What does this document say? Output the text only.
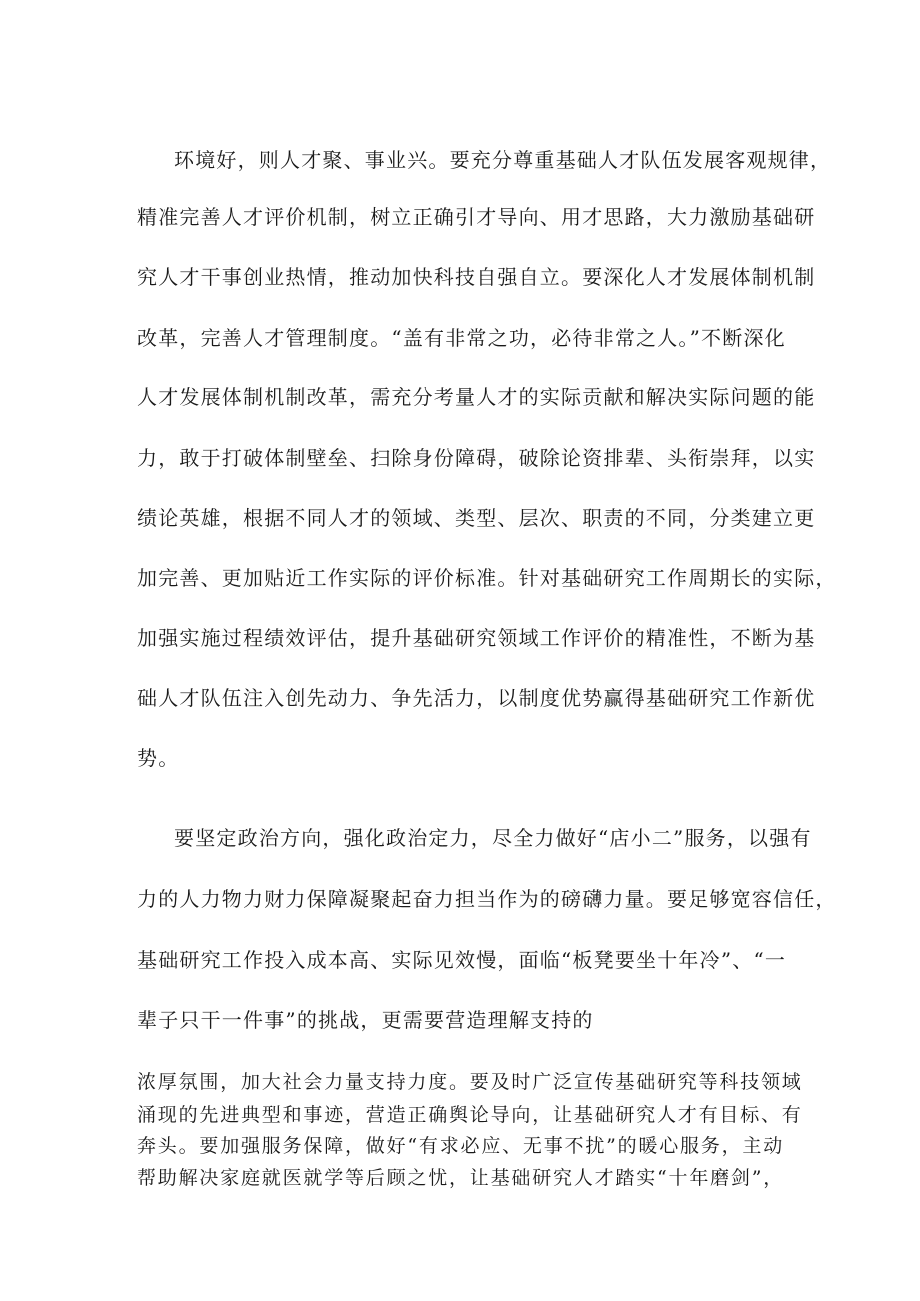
环境好，则人才聚、事业兴。要充分尊重基础人才队伍发展客观规律，
精准完善人才评价机制，树立正确引才导向、用才思路，大力激励基础研
究人才干事创业热情，推动加快科技自强自立。要深化人才发展体制机制
改革，完善人才管理制度。“盖有非常之功，必待非常之人。”不断深化
人才发展体制机制改革，需充分考量人才的实际贡献和解决实际问题的能
力，敢于打破体制壁垒、扫除身份障碍，破除论资排辈、头衔崇拜，以实
绩论英雄，根据不同人才的领域、类型、层次、职责的不同，分类建立更
加完善、更加贴近工作实际的评价标准。针对基础研究工作周期长的实际，
加强实施过程绩效评估，提升基础研究领域工作评价的精准性，不断为基
础人才队伍注入创先动力、争先活力，以制度优势赢得基础研究工作新优
势。
要坚定政治方向，强化政治定力，尽全力做好“店小二”服务，以强有
力的人力物力财力保障凝聚起奋力担当作为的磅礴力量。要足够宽容信任，
基础研究工作投入成本高、实际见效慢，面临“板凳要坐十年冷”、“一
辈子只干一件事”的挑战，更需要营造理解支持的
浓厚氛围，加大社会力量支持力度。要及时广泛宣传基础研究等科技领域
涌现的先进典型和事迹，营造正确舆论导向，让基础研究人才有目标、有
奔头。要加强服务保障，做好“有求必应、无事不扰”的暖心服务，主动
帮助解决家庭就医就学等后顾之忧，让基础研究人才踏实“十年磨剑”，
